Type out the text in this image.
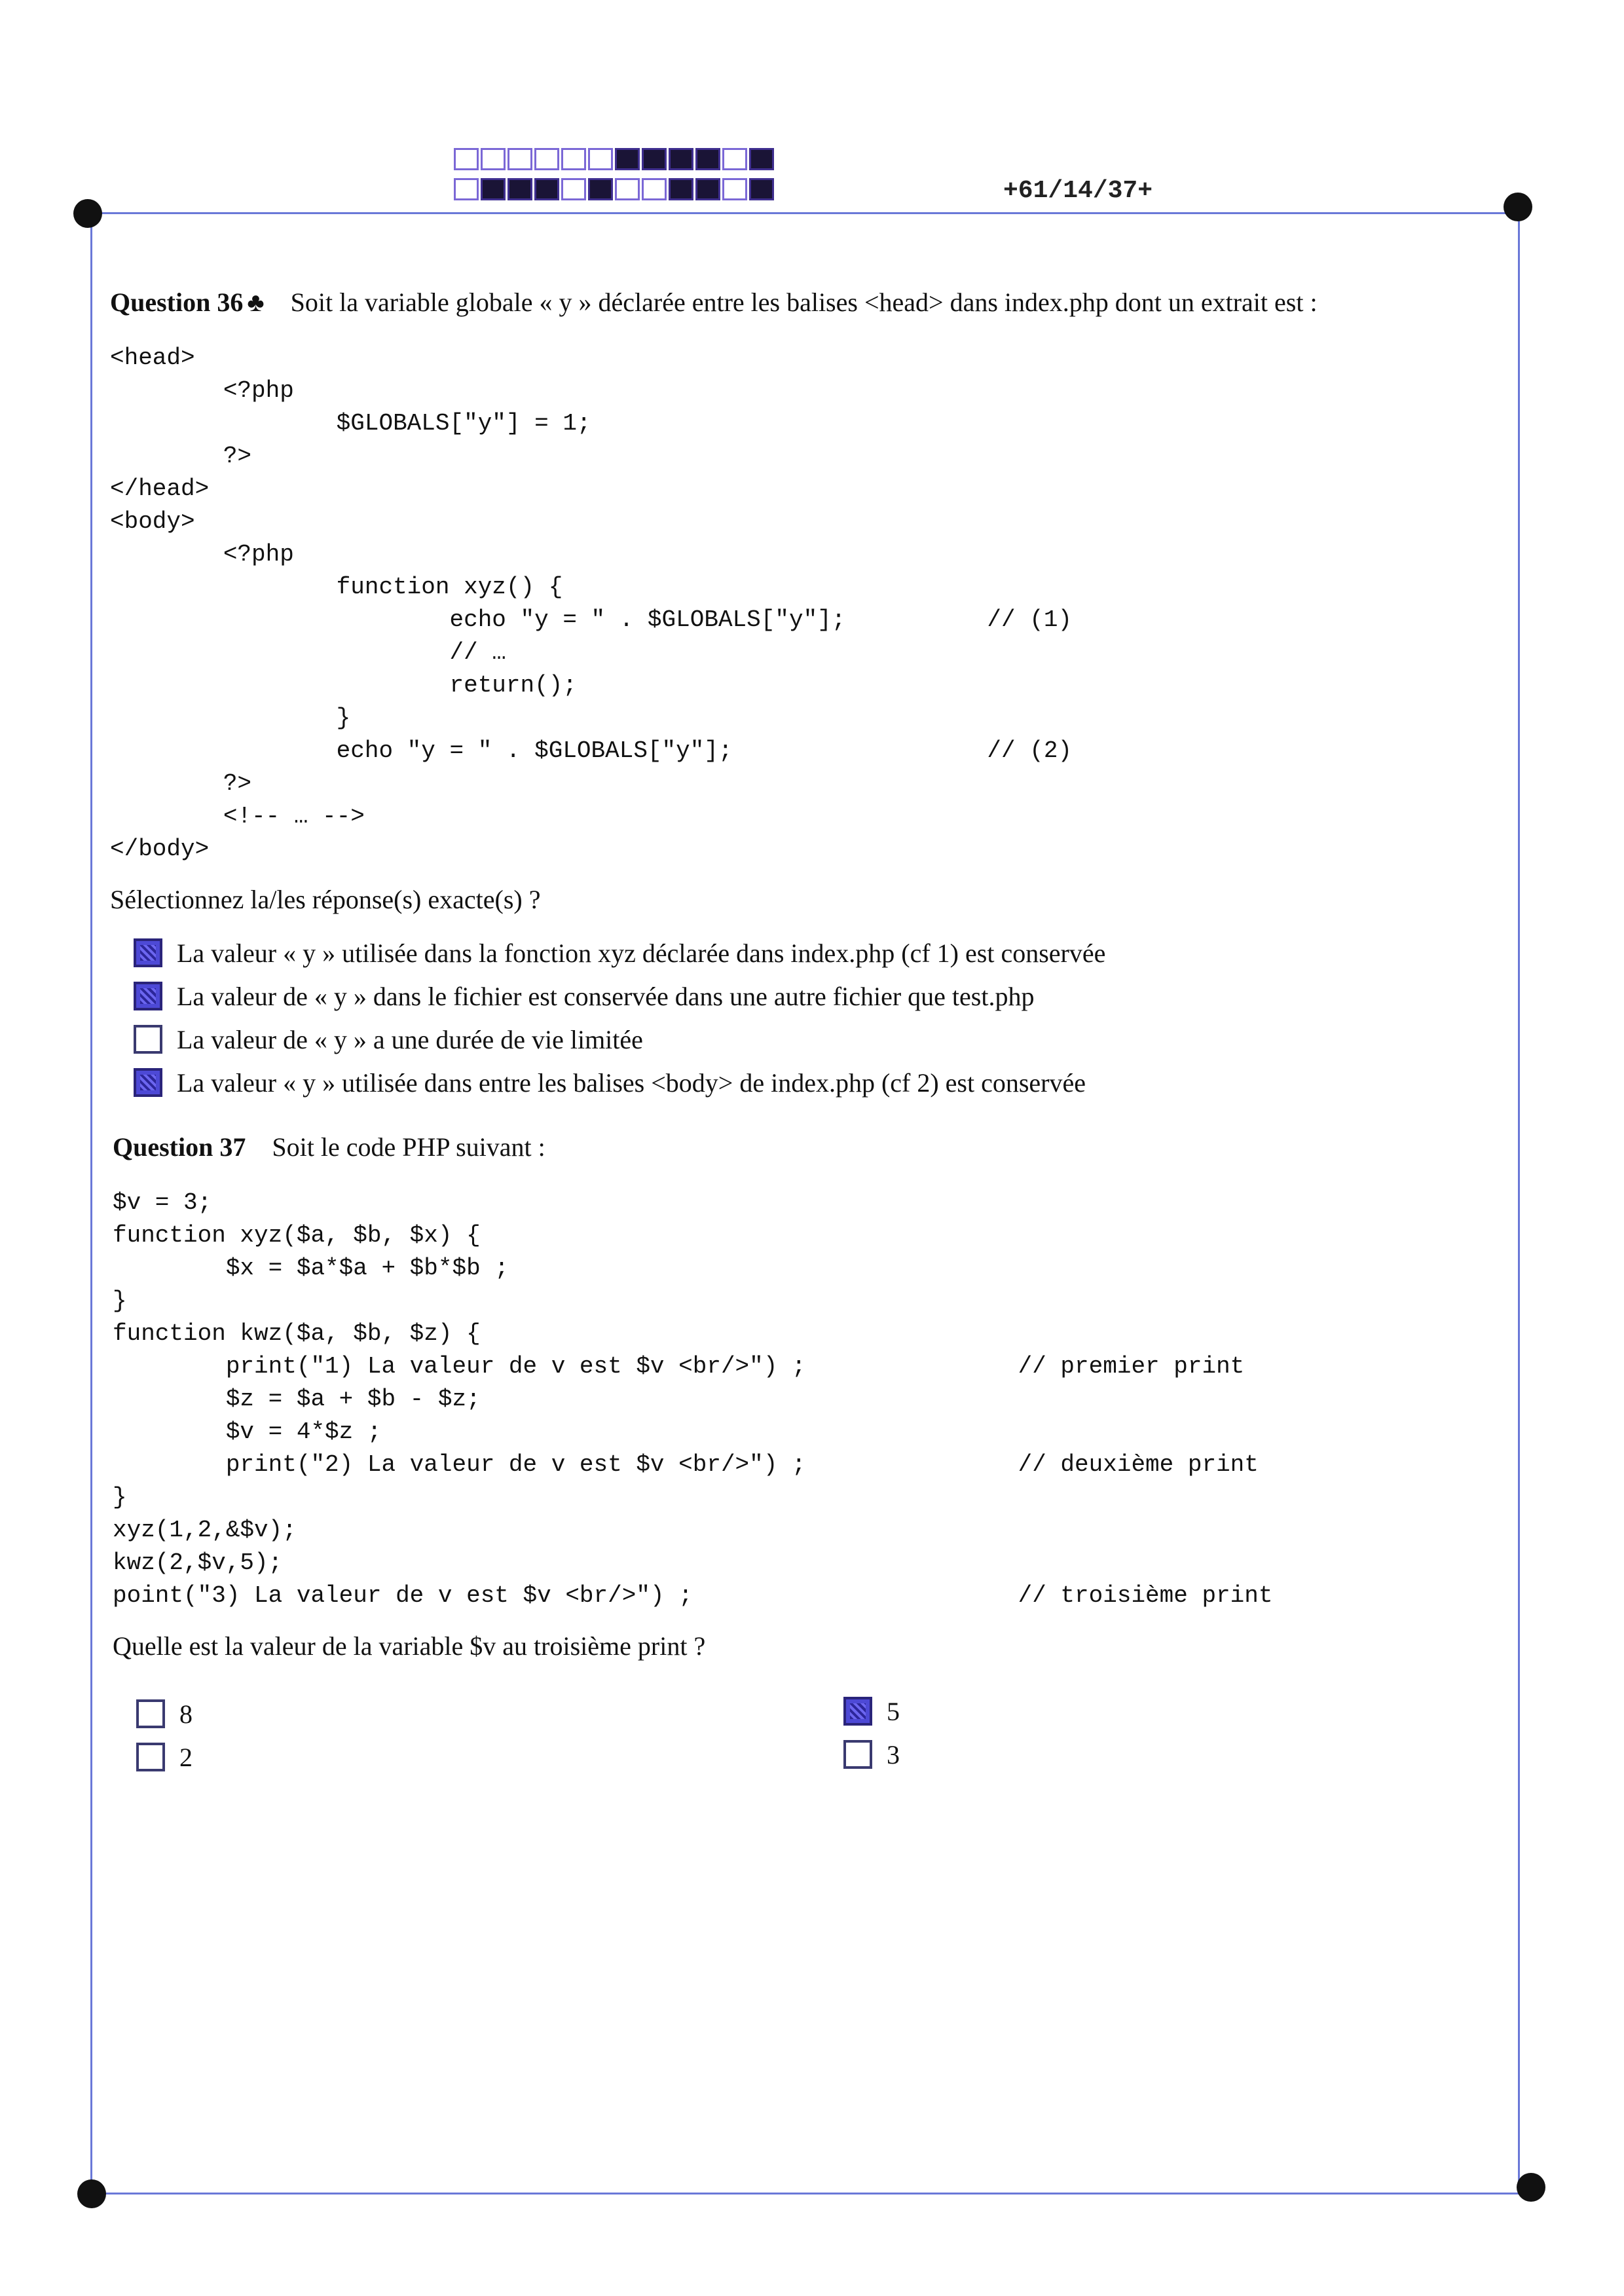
+61/14/37+
Question 36 ♣ Soit la variable globale « y » déclarée entre les balises <head> dans index.php dont un extrait est :
<head>
<?php
$GLOBALS["y"] = 1;
?>
</head>
<body>
<?php
function xyz() {
echo "y = " . $GLOBALS["y"];          // (1)
// …
return();
}
echo "y = " . $GLOBALS["y"];                  // (2)
?>
<!-- … -->
</body>
Sélectionnez la/les réponse(s) exacte(s) ?
La valeur « y » utilisée dans la fonction xyz déclarée dans index.php (cf 1) est conservée
La valeur de « y » dans le fichier est conservée dans une autre fichier que test.php
La valeur de « y » a une durée de vie limitée
La valeur « y » utilisée dans entre les balises <body> de index.php (cf 2) est conservée
Question 37 Soit le code PHP suivant :
$v = 3;
function xyz($a, $b, $x) {
$x = $a*$a + $b*$b ;
}
function kwz($a, $b, $z) {
print("1) La valeur de v est $v <br/>") ;               // premier print
$z = $a + $b - $z;
$v = 4*$z ;
print("2) La valeur de v est $v <br/>") ;               // deuxième print
}
xyz(1,2,&$v);
kwz(2,$v,5);
point("3) La valeur de v est $v <br/>") ;                       // troisième print
Quelle est la valeur de la variable $v au troisième print ?
8
2
5
3
